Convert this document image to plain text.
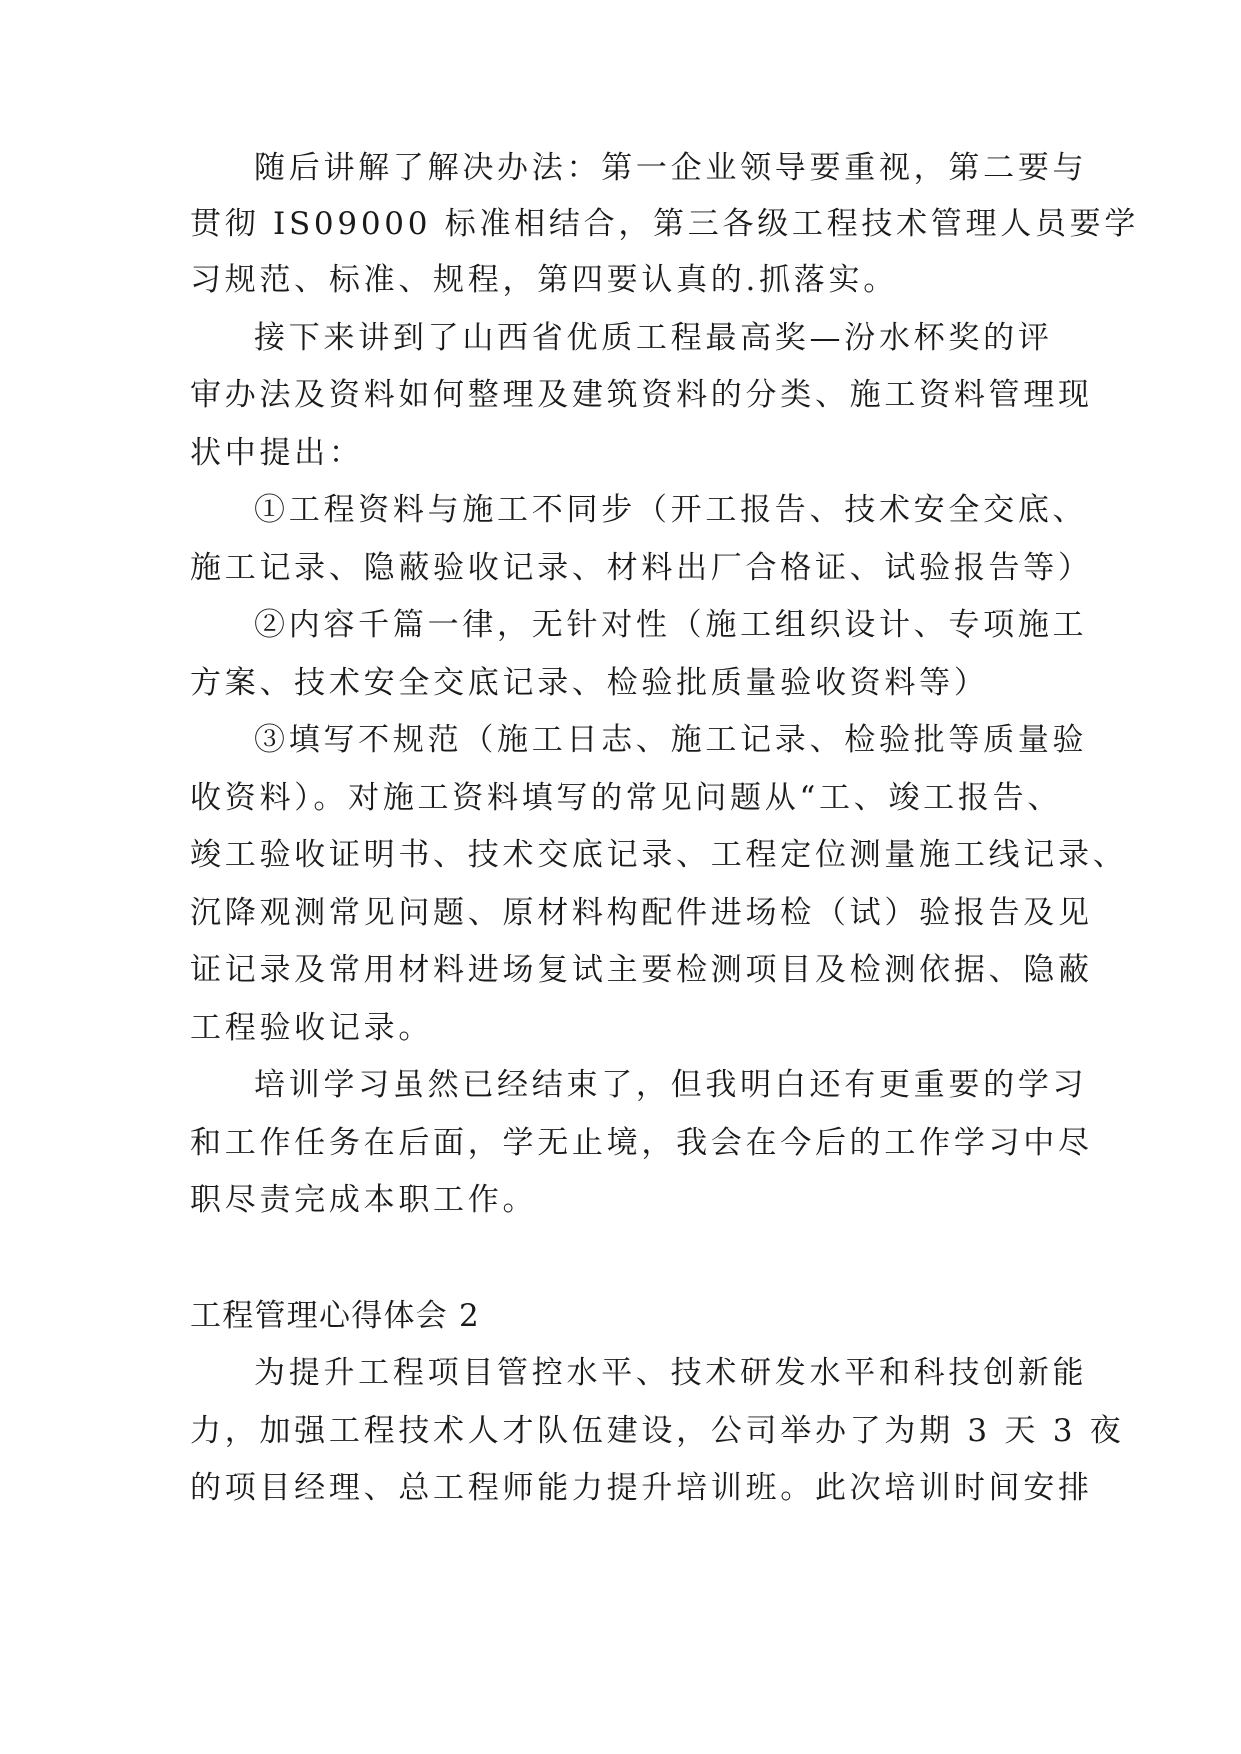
随后讲解了解决办法：第一企业领导要重视，第二要与
贯彻 IS09000 标准相结合，第三各级工程技术管理人员要学
习规范、标准、规程，第四要认真的.抓落实。
接下来讲到了山西省优质工程最高奖—汾水杯奖的评
审办法及资料如何整理及建筑资料的分类、施工资料管理现
状中提出：
①工程资料与施工不同步（开工报告、技术安全交底、
施工记录、隐蔽验收记录、材料出厂合格证、试验报告等）
②内容千篇一律，无针对性（施工组织设计、专项施工
方案、技术安全交底记录、检验批质量验收资料等）
③填写不规范（施工日志、施工记录、检验批等质量验
收资料）。对施工资料填写的常见问题从“工、竣工报告、
竣工验收证明书、技术交底记录、工程定位测量施工线记录、
沉降观测常见问题、原材料构配件进场检（试）验报告及见
证记录及常用材料进场复试主要检测项目及检测依据、隐蔽
工程验收记录。
培训学习虽然已经结束了，但我明白还有更重要的学习
和工作任务在后面，学无止境，我会在今后的工作学习中尽
职尽责完成本职工作。
工程管理心得体会 2
为提升工程项目管控水平、技术研发水平和科技创新能
力，加强工程技术人才队伍建设，公司举办了为期 3 天 3 夜
的项目经理、总工程师能力提升培训班。此次培训时间安排
